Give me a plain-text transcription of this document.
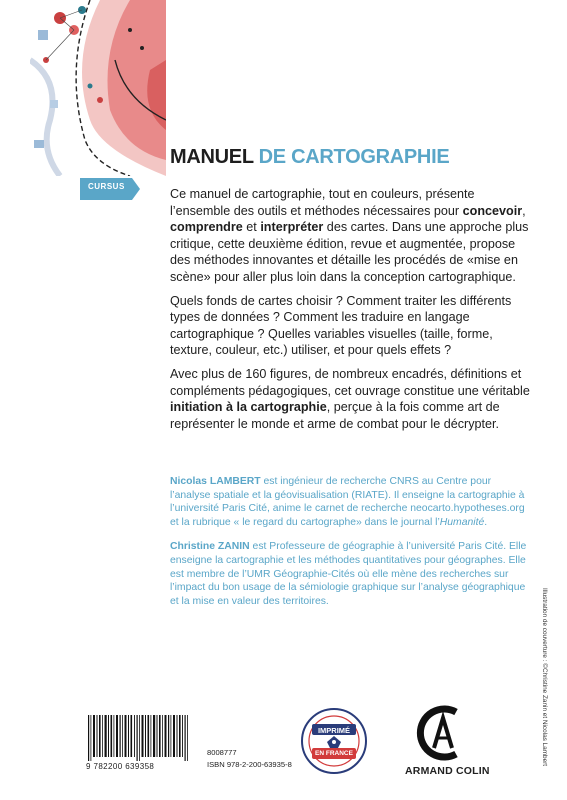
CURSUS
MANUEL DE CARTOGRAPHIE

Ce manuel de cartographie, tout en couleurs, présente l’ensemble des outils et méthodes nécessaires pour concevoir, comprendre et interpréter des cartes. Dans une approche plus critique, cette deuxième édition, revue et augmentée, propose des méthodes innovantes et détaille les procédés de «mise en scène» pour aller plus loin dans la conception cartographique.

Quels fonds de cartes choisir ? Comment traiter les différents types de données ? Comment les traduire en langage cartographique ? Quelles variables visuelles (taille, forme, texture, couleur, etc.) utiliser, et pour quels effets ?

Avec plus de 160 figures, de nombreux encadrés, définitions et compléments pédagogiques, cet ouvrage constitue une véritable initiation à la cartographie, perçue à la fois comme art de représenter le monde et arme de combat pour le décrypter.

Nicolas LAMBERT est ingénieur de recherche CNRS au Centre pour l’analyse spatiale et la géovisualisation (RIATE). Il enseigne la cartographie à l’université Paris Cité, anime le carnet de recherche neocarto.hypotheses.org et la rubrique « le regard du cartographe» dans le journal l’Humanité.

Christine ZANIN est Professeure de géographie à l’université Paris Cité. Elle enseigne la cartographie et les méthodes quantitatives pour géographes. Elle est membre de l’UMR Géographie-Cités où elle mène des recherches sur l’impact du bon usage de la sémiologie graphique sur l’analyse géographique et la mise en valeur des territoires.	Illustration de couverture : ©Christine Zanin et Nicolas Lambert
9 782200 639358
8008777
ISBN 978-2-200-63935-8
IMPRIMÉ
EN FRANCE
ARMAND COLIN
